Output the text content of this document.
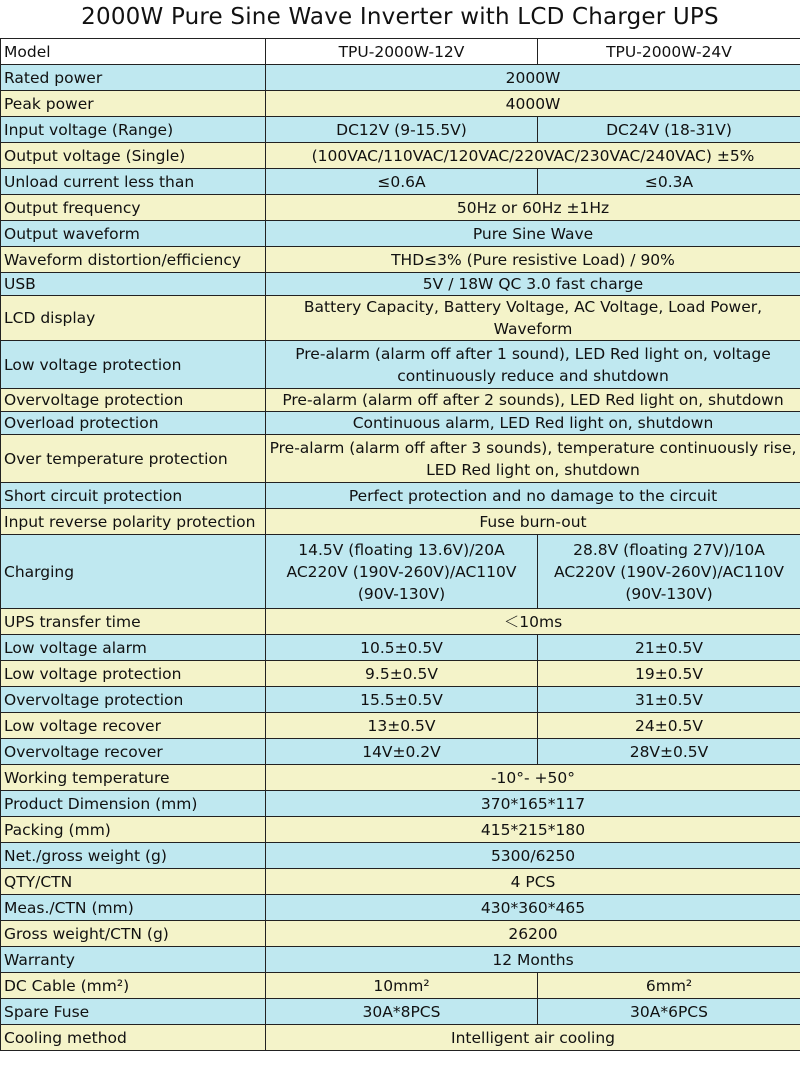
2000W Pure Sine Wave Inverter with LCD Charger UPS
Model	TPU-2000W-12V	TPU-2000W-24V
Rated power	2000W	
Peak power	4000W	
Input voltage (Range)	DC12V (9-15.5V)	DC24V (18-31V)
Output voltage (Single)	(100VAC/110VAC/120VAC/220VAC/230VAC/240VAC) ±5%	
Unload current less than	≤0.6A	≤0.3A
Output frequency	50Hz or 60Hz ±1Hz	
Output waveform	Pure Sine Wave	
Waveform distortion/efficiency	THD≤3% (Pure resistive Load) / 90%	
USB	5V / 18W QC 3.0 fast charge	
LCD display	Battery Capacity, Battery Voltage, AC Voltage, Load Power, Waveform	
Low voltage protection	Pre-alarm (alarm off after 1 sound), LED Red light on, voltage continuously reduce and shutdown	
Overvoltage protection	Pre-alarm (alarm off after 2 sounds), LED Red light on, shutdown	
Overload protection	Continuous alarm, LED Red light on, shutdown	
Over temperature protection	Pre-alarm (alarm off after 3 sounds), temperature continuously rise, LED Red light on, shutdown	
Short circuit protection	Perfect protection and no damage to the circuit	
Input reverse polarity protection	Fuse burn-out	
Charging	14.5V (floating 13.6V)/20A AC220V (190V-260V)/AC110V (90V-130V)	28.8V (floating 27V)/10A AC220V (190V-260V)/AC110V (90V-130V)
UPS transfer time	＜10ms	
Low voltage alarm	10.5±0.5V	21±0.5V
Low voltage protection	9.5±0.5V	19±0.5V
Overvoltage protection	15.5±0.5V	31±0.5V
Low voltage recover	13±0.5V	24±0.5V
Overvoltage recover	14V±0.2V	28V±0.5V
Working temperature	-10°- +50°	
Product Dimension (mm)	370*165*117	
Packing (mm)	415*215*180	
Net./gross weight (g)	5300/6250	
QTY/CTN	4 PCS	
Meas./CTN (mm)	430*360*465	
Gross weight/CTN (g)	26200	
Warranty	12 Months	
DC Cable (mm²)	10mm²	6mm²
Spare Fuse	30A*8PCS	30A*6PCS
Cooling method	Intelligent air cooling	
